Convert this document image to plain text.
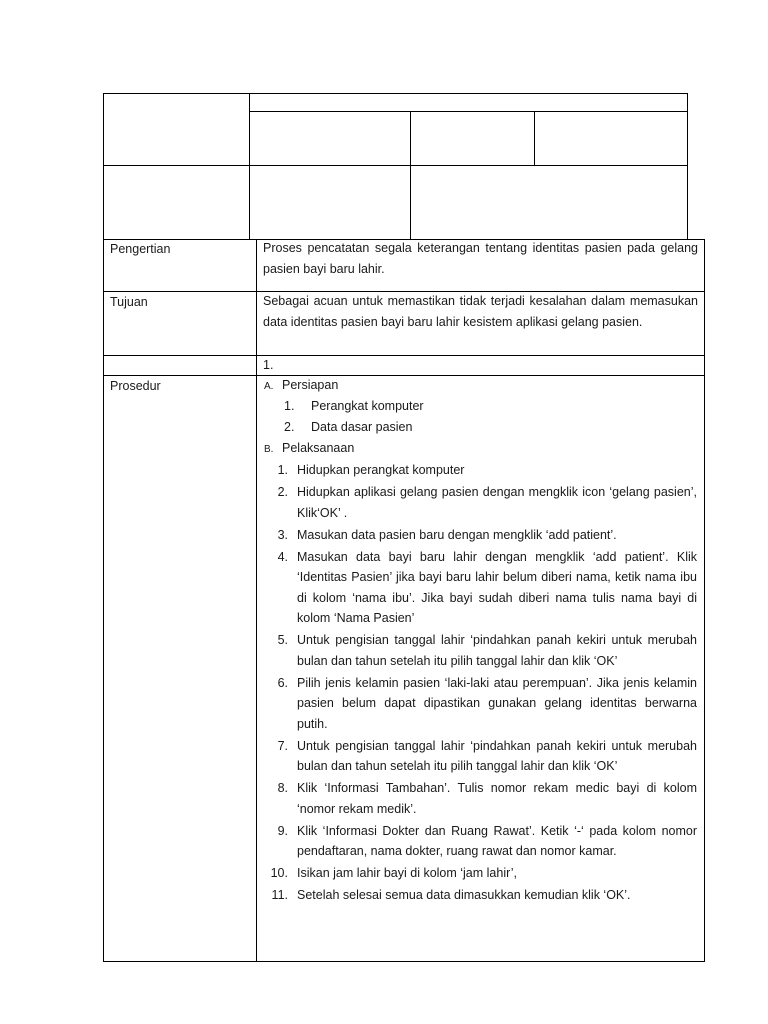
Pengertian	Proses pencatatan segala keterangan tentang identitas pasien pada gelang pasien bayi baru lahir.

Tujuan	Sebagai acuan untuk memastikan tidak terjadi kesalahan dalam memasukan data identitas pasien bayi baru lahir kesistem aplikasi gelang pasien.

1.
Prosedur	A. Persiapan
1.	Perangkat komputer
2.	Data dasar pasien
B. Pelaksanaan
1. Hidupkan perangkat komputer
2. Hidupkan aplikasi gelang pasien dengan mengklik icon ‘gelang pasien’, Klik‘OK’ .
3. Masukan data pasien baru dengan mengklik ‘add patient’.
4. Masukan data bayi baru lahir dengan mengklik ‘add patient’. Klik ‘Identitas Pasien’ jika bayi baru lahir belum diberi nama, ketik nama ibu di kolom ‘nama ibu’. Jika bayi sudah diberi nama tulis nama bayi di kolom ‘Nama Pasien’
5. Untuk pengisian tanggal lahir ‘pindahkan panah kekiri untuk merubah bulan dan tahun setelah itu pilih tanggal lahir dan klik ‘OK’
6. Pilih jenis kelamin pasien ‘laki-laki atau perempuan’. Jika jenis kelamin pasien belum dapat dipastikan gunakan gelang identitas berwarna putih.
7. Untuk pengisian tanggal lahir ‘pindahkan panah kekiri untuk merubah bulan dan tahun setelah itu pilih tanggal lahir dan klik ‘OK’
8. Klik ‘Informasi Tambahan’. Tulis nomor rekam medic bayi di kolom ‘nomor rekam medik’.
9. Klik ‘Informasi Dokter dan Ruang Rawat’. Ketik ‘-‘ pada kolom nomor pendaftaran, nama dokter, ruang rawat dan nomor kamar.
10. Isikan jam lahir bayi di kolom ‘jam lahir’,
11. Setelah selesai semua data dimasukkan kemudian klik ‘OK’.
